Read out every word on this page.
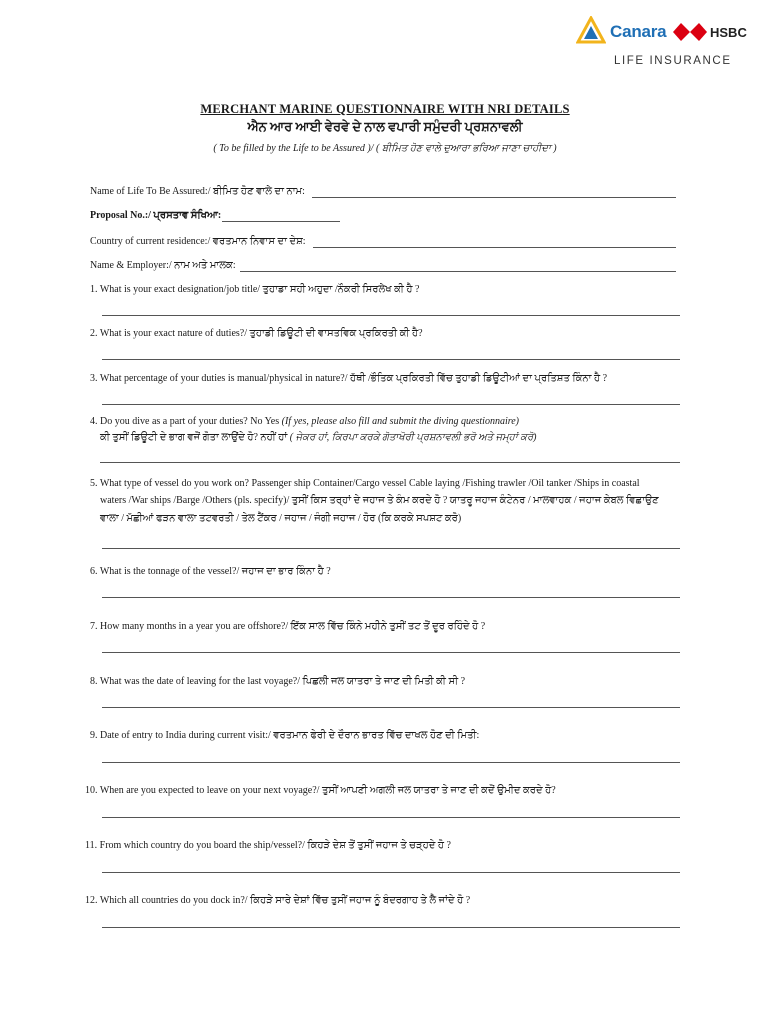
Canara	HSBC
LIFE INSURANCE
MERCHANT MARINE QUESTIONNAIRE WITH NRI DETAILS
ਐਨ ਆਰ ਆਈ ਵੇਰਵੇ ਦੇ ਨਾਲ ਵਪਾਰੀ ਸਮੁੰਦਰੀ ਪ੍ਰਸ਼ਨਾਵਲੀ
( To be filled by the Life to be Assured )/ ( ਬੀਮਿਤ ਹੋਣ ਵਾਲੇ ਦੁਆਰਾ ਭਰਿਆ ਜਾਣਾ ਚਾਹੀਦਾ )
Name of Life To Be Assured:/ ਬੀਮਿਤ ਹੋਣ ਵਾਲੇ ਦਾ ਨਾਮ:
Proposal No.:/ ਪ੍ਰਸਤਾਵ ਸੰਖਿਆ:
Country of current residence:/ ਵਰਤਮਾਨ ਨਿਵਾਸ ਦਾ ਦੇਸ਼:
Name & Employer:/ ਨਾਮ ਅਤੇ ਮਾਲਕ:
1. What is your exact designation/job title/ ਤੁਹਾਡਾ ਸਹੀ ਅਹੁਦਾ /ਨੌਕਰੀ ਸਿਰਲੇਖ ਕੀ ਹੈ ?
2. What is your exact nature of duties?/ ਤੁਹਾਡੀ ਡਿਊਟੀ ਦੀ ਵਾਸਤਵਿਕ ਪ੍ਰਕਿਰਤੀ ਕੀ ਹੈ?
3. What percentage of your duties is manual/physical in nature?/ ਹੱਥੀ /ਭੌਤਿਕ ਪ੍ਰਕਿਰਤੀ ਵਿੱਚ ਤੁਹਾਡੀ ਡਿਊਟੀਆਂ ਦਾ ਪ੍ਰਤਿਸ਼ਤ ਕਿੰਨਾ ਹੈ ?
4. Do you dive as a part of your duties? No Yes (If yes, please also fill and submit the diving questionnaire)
ਕੀ ਤੁਸੀਂ ਡਿਊਟੀ ਦੇ ਭਾਗ ਵਜੋਂ ਗੋਤਾ ਲਾਉਂਦੇ ਹੋ? ਨਹੀਂ ਹਾਂ ( ਜੇਕਰ ਹਾਂ, ਕਿਰਪਾ ਕਰਕੇ ਗੋਤਾਖੋਰੀ ਪ੍ਰਸ਼ਨਾਵਲੀ ਭਰੋ ਅਤੇ ਜਮ੍ਹਾਂ ਕਰੋ)
5. What type of vessel do you work on? Passenger ship Container/Cargo vessel Cable laying /Fishing trawler /Oil tanker /Ships in coastal
waters /War ships /Barge /Others (pls. specify)/ ਤੁਸੀਂ ਕਿਸ ਤਰ੍ਹਾਂ ਦੇ ਜਹਾਜ ਤੇ ਕੰਮ ਕਰਦੇ ਹੋ ? ਯਾਤਰੂ ਜਹਾਜ ਕੰਟੇਨਰ / ਮਾਲਵਾਹਕ / ਜਹਾਜ ਕੇਬਲ ਵਿਛਾਉਣ
ਵਾਲਾ / ਮੱਛੀਆਂ ਫੜਨ ਵਾਲਾ ਤਟਵਰਤੀ / ਤੇਲ ਟੈਂਕਰ / ਜਹਾਜ / ਜੰਗੀ ਜਹਾਜ / ਹੋਰ (ਕਿ ਕਰਕੇ ਸਪਸ਼ਟ ਕਰੋ)
6. What is the tonnage of the vessel?/ ਜਹਾਜ ਦਾ ਭਾਰ ਕਿੰਨਾ ਹੈ ?
7. How many months in a year you are offshore?/ ਇੱਕ ਸਾਲ ਵਿੱਚ ਕਿੰਨੇ ਮਹੀਨੇ ਤੁਸੀਂ ਤਟ ਤੋਂ ਦੂਰ ਰਹਿੰਦੇ ਹੋ ?
8. What was the date of leaving for the last voyage?/ ਪਿਛਲੀ ਜਲ ਯਾਤਰਾ ਤੇ ਜਾਣ ਦੀ ਮਿਤੀ ਕੀ ਸੀ ?
9. Date of entry to India during current visit:/ ਵਰਤਮਾਨ ਫੇਰੀ ਦੇ ਦੌਰਾਨ ਭਾਰਤ ਵਿੱਚ ਦਾਖਲ ਹੋਣ ਦੀ ਮਿਤੀ:
10. When are you expected to leave on your next voyage?/ ਤੁਸੀਂ ਆਪਣੀ ਅਗਲੀ ਜਲ ਯਾਤਰਾ ਤੇ ਜਾਣ ਦੀ ਕਦੋਂ ਉਮੀਦ ਕਰਦੇ ਹੋ?
11. From which country do you board the ship/vessel?/ ਕਿਹੜੇ ਦੇਸ਼ ਤੋਂ ਤੁਸੀਂ ਜਹਾਜ ਤੇ ਚੜ੍ਹਦੇ ਹੋ ?
12. Which all countries do you dock in?/ ਕਿਹੜੇ ਸਾਰੇ ਦੇਸ਼ਾਂ ਵਿੱਚ ਤੁਸੀਂ ਜਹਾਜ ਨੂੰ ਬੰਦਰਗਾਹ ਤੇ ਲੈ ਜਾਂਦੇ ਹੋ ?
